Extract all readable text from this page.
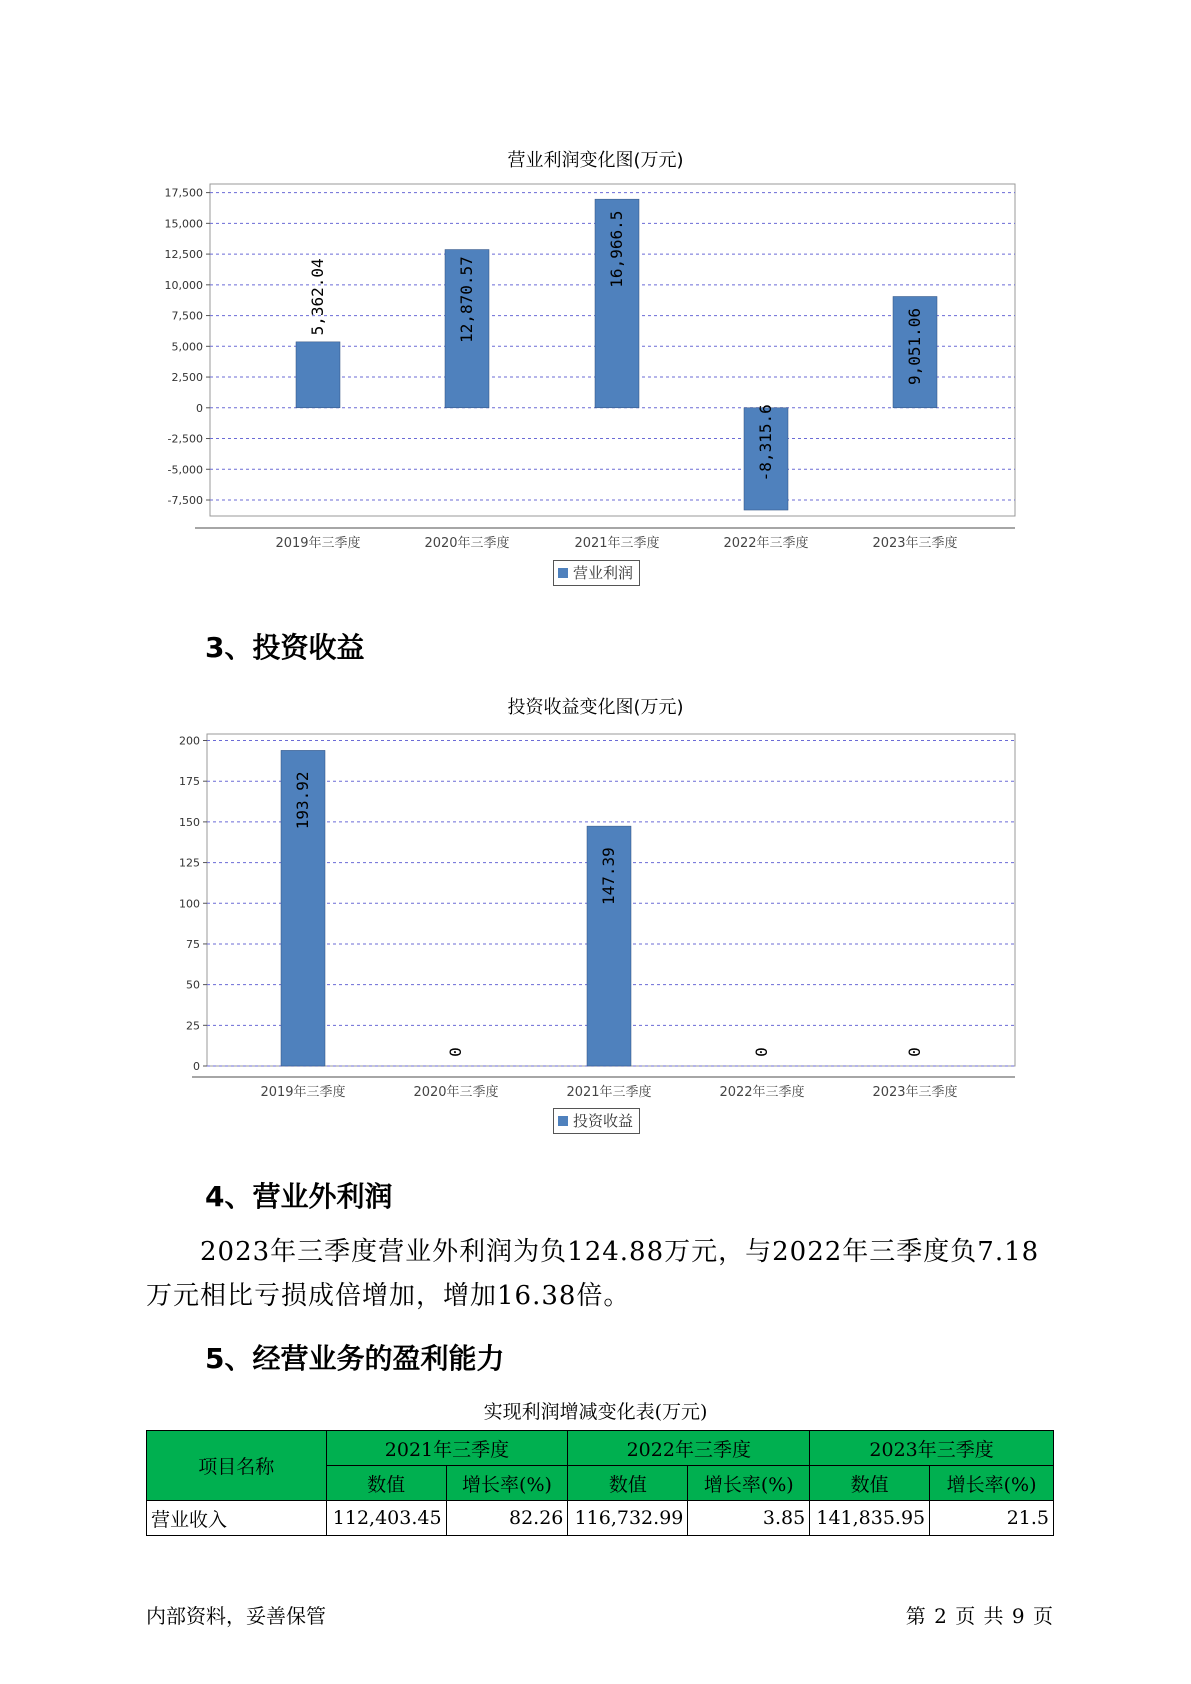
营业利润变化图(万元)
-7,500
-5,000
-2,500
0
2,500
5,000
7,500
10,000
12,500
15,000
17,500
2019年三季度
5,362.04
2020年三季度
12,870.57
2021年三季度
16,966.5
2022年三季度
-8,315.6
2023年三季度
9,051.06
营业利润
3、投资收益
投资收益变化图(万元)
0
25
50
75
100
125
150
175
200
2019年三季度
193.92
2020年三季度
0
2021年三季度
147.39
2022年三季度
0
2023年三季度
0
投资收益
4、营业外利润
2023年三季度营业外利润为负124.88万元，与2022年三季度负7.18万元相比亏损成倍增加，增加16.38倍。
5、经营业务的盈利能力
实现利润增减变化表(万元)
项目名称	2021年三季度		2022年三季度		2023年三季度	
	数值	增长率(%)	数值	增长率(%)	数值	增长率(%)
营业收入	112,403.45	82.26	116,732.99	3.85	141,835.95	21.5
内部资料，妥善保管	第 2 页 共 9 页
